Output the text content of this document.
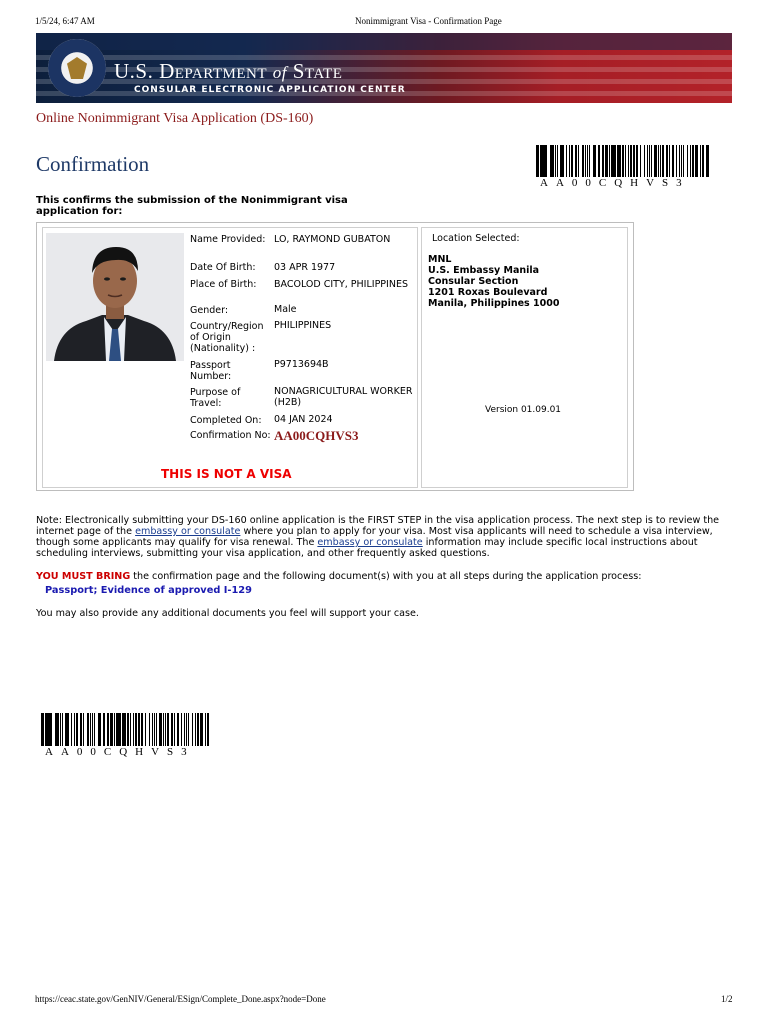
1/5/24, 6:47 AM	Nonimmigrant Visa - Confirmation Page
U.S. DEPARTMENT of STATE
CONSULAR ELECTRONIC APPLICATION CENTER
Online Nonimmigrant Visa Application (DS-160)
Confirmation
AA00CQHVS3
This confirms the submission of the Nonimmigrant visa application for:
Name Provided: LO, RAYMOND GUBATON
Date Of Birth:	03 APR 1977
Place of Birth:	BACOLOD CITY, PHILIPPINES
Gender:	Male
Country/Region of Origin (Nationality) :
PHILIPPINES
Passport Number:
P9713694B
Purpose of Travel:
NONAGRICULTURAL WORKER (H2B)
Completed On:	04 JAN 2024
Confirmation No: AA00CQHVS3
THIS IS NOT A VISA
Location Selected:
MNL
U.S. Embassy Manila
Consular Section
1201 Roxas Boulevard
Manila, Philippines 1000
Version 01.09.01
Note: Electronically submitting your DS-160 online application is the FIRST STEP in the visa application process. The next step is to review the internet page of the embassy or consulate where you plan to apply for your visa. Most visa applicants will need to schedule a visa interview, though some applicants may qualify for visa renewal. The embassy or consulate information may include specific local instructions about scheduling interviews, submitting your visa application, and other frequently asked questions.
YOU MUST BRING the confirmation page and the following document(s) with you at all steps during the application process:
Passport; Evidence of approved I-129
You may also provide any additional documents you feel will support your case.
AA00CQHVS3
https://ceac.state.gov/GenNIV/General/ESign/Complete_Done.aspx?node=Done	1/2
